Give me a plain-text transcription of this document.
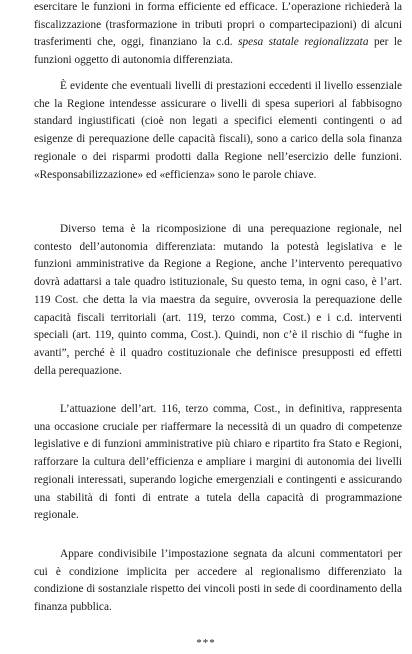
esercitare le funzioni in forma efficiente ed efficace. L’operazione richiederà la fiscalizzazione (trasformazione in tributi propri o compartecipazioni) di alcuni trasferimenti che, oggi, finanziano la c.d. spesa statale regionalizzata per le funzioni oggetto di autonomia differenziata.

È evidente che eventuali livelli di prestazioni eccedenti il livello essenziale che la Regione intendesse assicurare o livelli di spesa superiori al fabbisogno standard ingiustificati (cioè non legati a specifici elementi contingenti o ad esigenze di perequazione delle capacità fiscali), sono a carico della sola finanza regionale o dei risparmi prodotti dalla Regione nell’esercizio delle funzioni. «Responsabilizzazione» ed «efficienza» sono le parole chiave.

Diverso tema è la ricomposizione di una perequazione regionale, nel contesto dell’autonomia differenziata: mutando la potestà legislativa e le funzioni amministrative da Regione a Regione, anche l’intervento perequativo dovrà adattarsi a tale quadro istituzionale, Su questo tema, in ogni caso, è l’art. 119 Cost. che detta la via maestra da seguire, ovverosia la perequazione delle capacità fiscali territoriali (art. 119, terzo comma, Cost.) e i c.d. interventi speciali (art. 119, quinto comma, Cost.). Quindi, non c’è il rischio di “fughe in avanti”, perché è il quadro costituzionale che definisce presupposti ed effetti della perequazione.

L’attuazione dell’art. 116, terzo comma, Cost., in definitiva, rappresenta una occasione cruciale per riaffermare la necessità di un quadro di competenze legislative e di funzioni amministrative più chiaro e ripartito fra Stato e Regioni, rafforzare la cultura dell’efficienza e ampliare i margini di autonomia dei livelli regionali interessati, superando logiche emergenziali e contingenti e assicurando una stabilità di fonti di entrate a tutela della capacità di programmazione regionale.

Appare condivisibile l’impostazione segnata da alcuni commentatori per cui è condizione implicita per accedere al regionalismo differenziato la condizione di sostanziale rispetto dei vincoli posti in sede di coordinamento della finanza pubblica.

***
